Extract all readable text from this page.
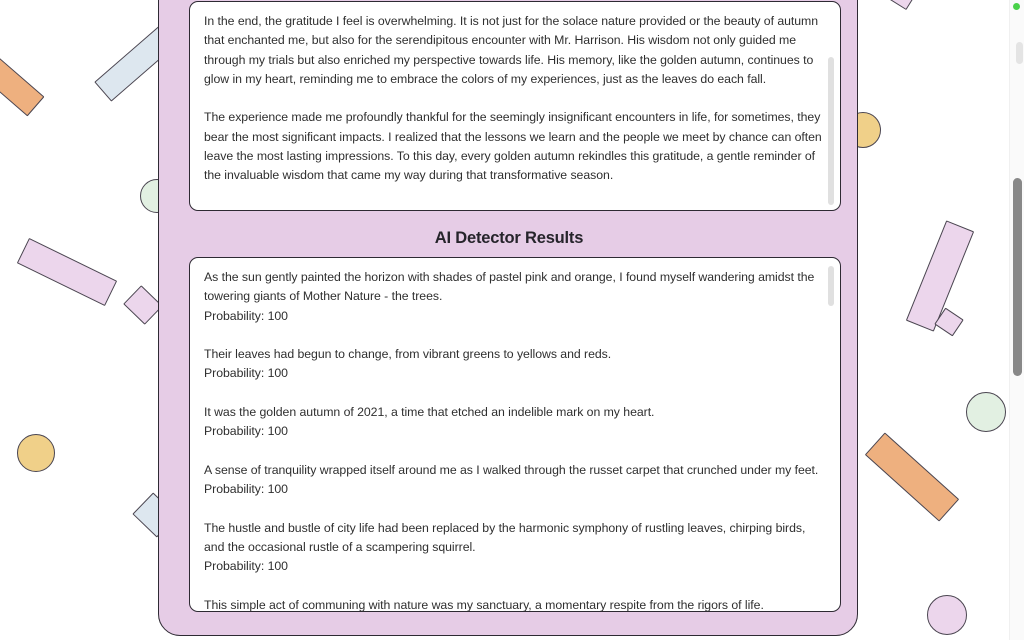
In the end, the gratitude I feel is overwhelming. It is not just for the solace nature provided or the beauty of autumn that enchanted me, but also for the serendipitous encounter with Mr. Harrison. His wisdom not only guided me through my trials but also enriched my perspective towards life. His memory, like the golden autumn, continues to glow in my heart, reminding me to embrace the colors of my experiences, just as the leaves do each fall.
The experience made me profoundly thankful for the seemingly insignificant encounters in life, for sometimes, they bear the most significant impacts. I realized that the lessons we learn and the people we meet by chance can often leave the most lasting impressions. To this day, every golden autumn rekindles this gratitude, a gentle reminder of the invaluable wisdom that came my way during that transformative season.
AI Detector Results
As the sun gently painted the horizon with shades of pastel pink and orange, I found myself wandering amidst the towering giants of Mother Nature - the trees.
Probability: 100
Their leaves had begun to change, from vibrant greens to yellows and reds.
Probability: 100
It was the golden autumn of 2021, a time that etched an indelible mark on my heart.
Probability: 100
A sense of tranquility wrapped itself around me as I walked through the russet carpet that crunched under my feet.
Probability: 100
The hustle and bustle of city life had been replaced by the harmonic symphony of rustling leaves, chirping birds, and the occasional rustle of a scampering squirrel.
Probability: 100
This simple act of communing with nature was my sanctuary, a momentary respite from the rigors of life.
